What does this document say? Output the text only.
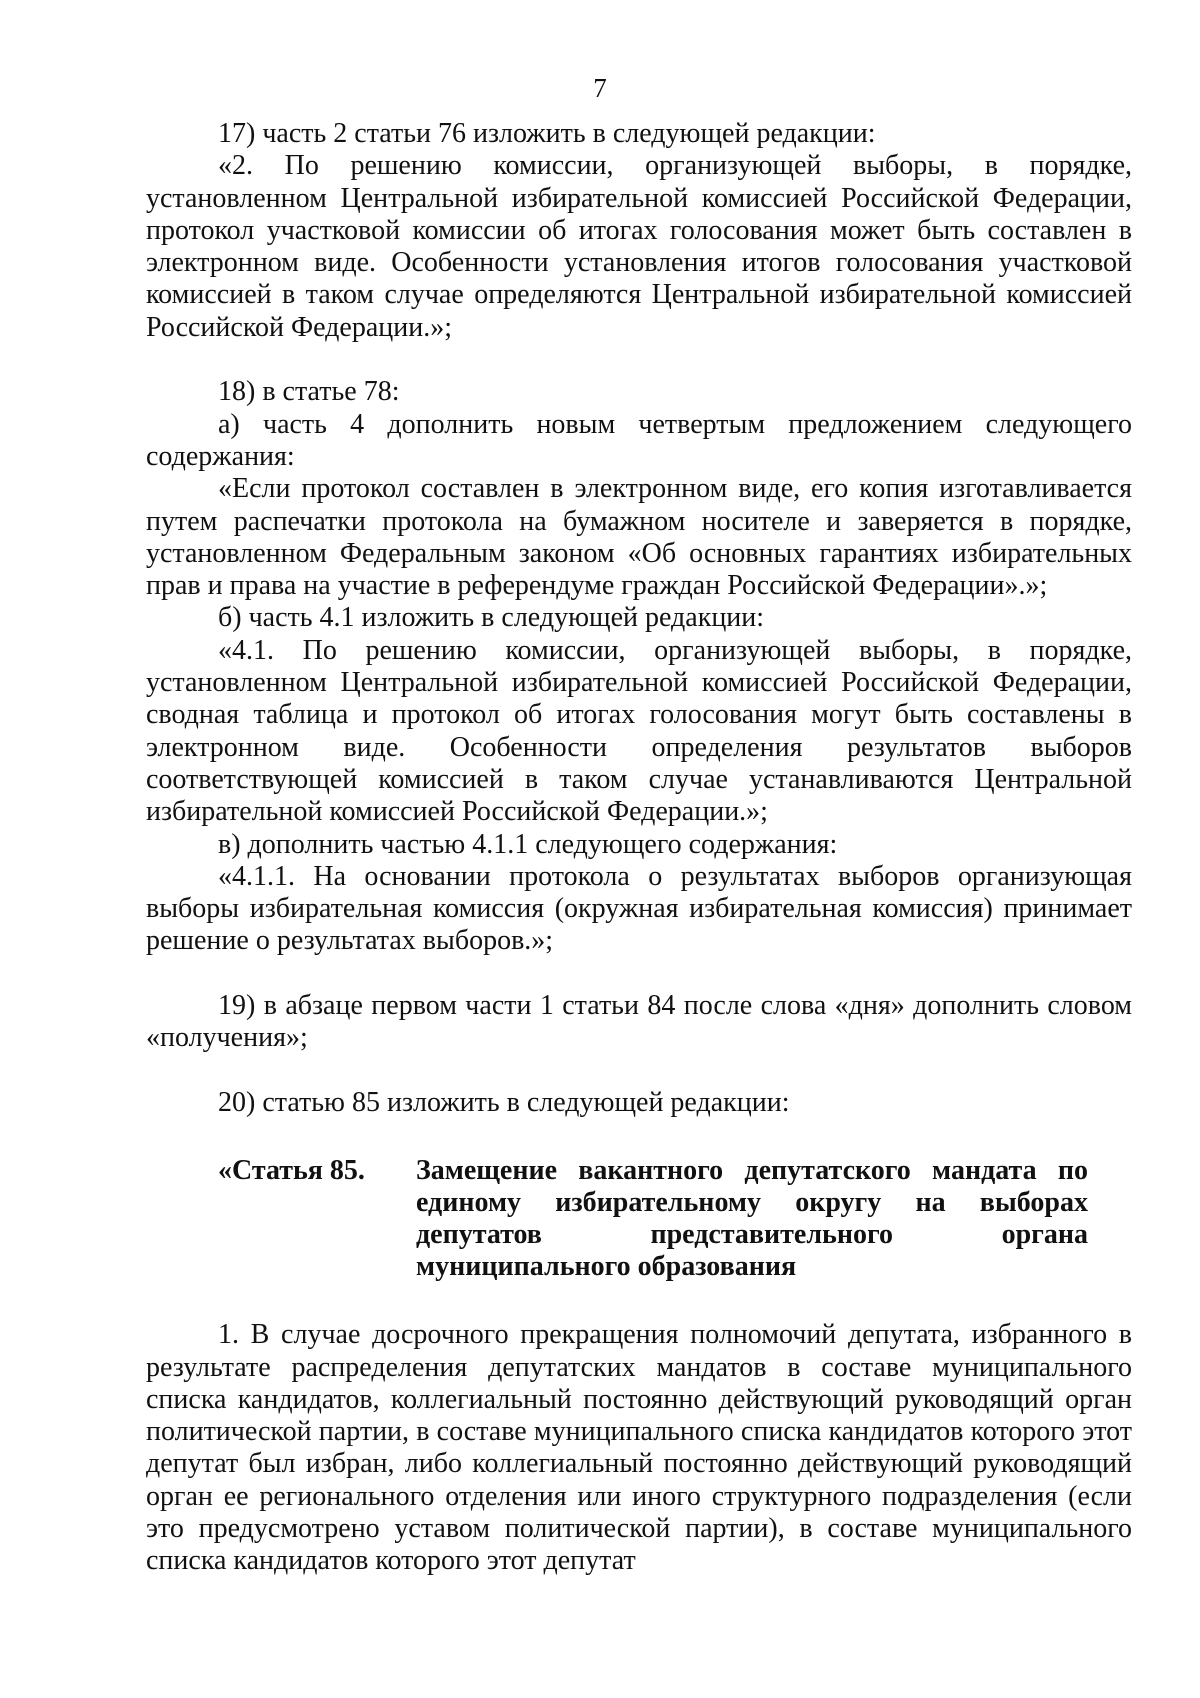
7

17) часть 2 статьи 76 изложить в следующей редакции:

«2. По решению комиссии, организующей выборы, в порядке, установленном Центральной избирательной комиссией Российской Федерации, протокол участковой комиссии об итогах голосования может быть составлен в электронном виде. Особенности установления итогов голосования участковой комиссией в таком случае определяются Центральной избирательной комиссией Российской Федерации.»;

18) в статье 78:

а) часть 4 дополнить новым четвертым предложением следующего содержания:

«Если протокол составлен в электронном виде, его копия изготавливается путем распечатки протокола на бумажном носителе и заверяется в порядке, установленном Федеральным законом «Об основных гарантиях избирательных прав и права на участие в референдуме граждан Российской Федерации».»;

б) часть 4.1 изложить в следующей редакции:

«4.1. По решению комиссии, организующей выборы, в порядке, установленном Центральной избирательной комиссией Российской Федерации, сводная таблица и протокол об итогах голосования могут быть составлены в электронном виде. Особенности определения результатов выборов соответствующей комиссией в таком случае устанавливаются Центральной избирательной комиссией Российской Федерации.»;

в) дополнить частью 4.1.1 следующего содержания:

«4.1.1. На основании протокола о результатах выборов организующая выборы избирательная комиссия (окружная избирательная комиссия) принимает решение о результатах выборов.»;

19) в абзаце первом части 1 статьи 84 после слова «дня» дополнить словом «получения»;

20) статью 85 изложить в следующей редакции:

«Статья 85.	Замещение вакантного депутатского мандата по
единому избирательному округу на выборах
депутатов представительного органа
муниципального образования

1. В случае досрочного прекращения полномочий депутата, избранного в результате распределения депутатских мандатов в составе муниципального списка кандидатов, коллегиальный постоянно действующий руководящий орган политической партии, в составе муниципального списка кандидатов которого этот депутат был избран, либо коллегиальный постоянно действующий руководящий орган ее регионального отделения или иного структурного подразделения (если это предусмотрено уставом политической партии), в составе муниципального списка кандидатов которого этот депутат
